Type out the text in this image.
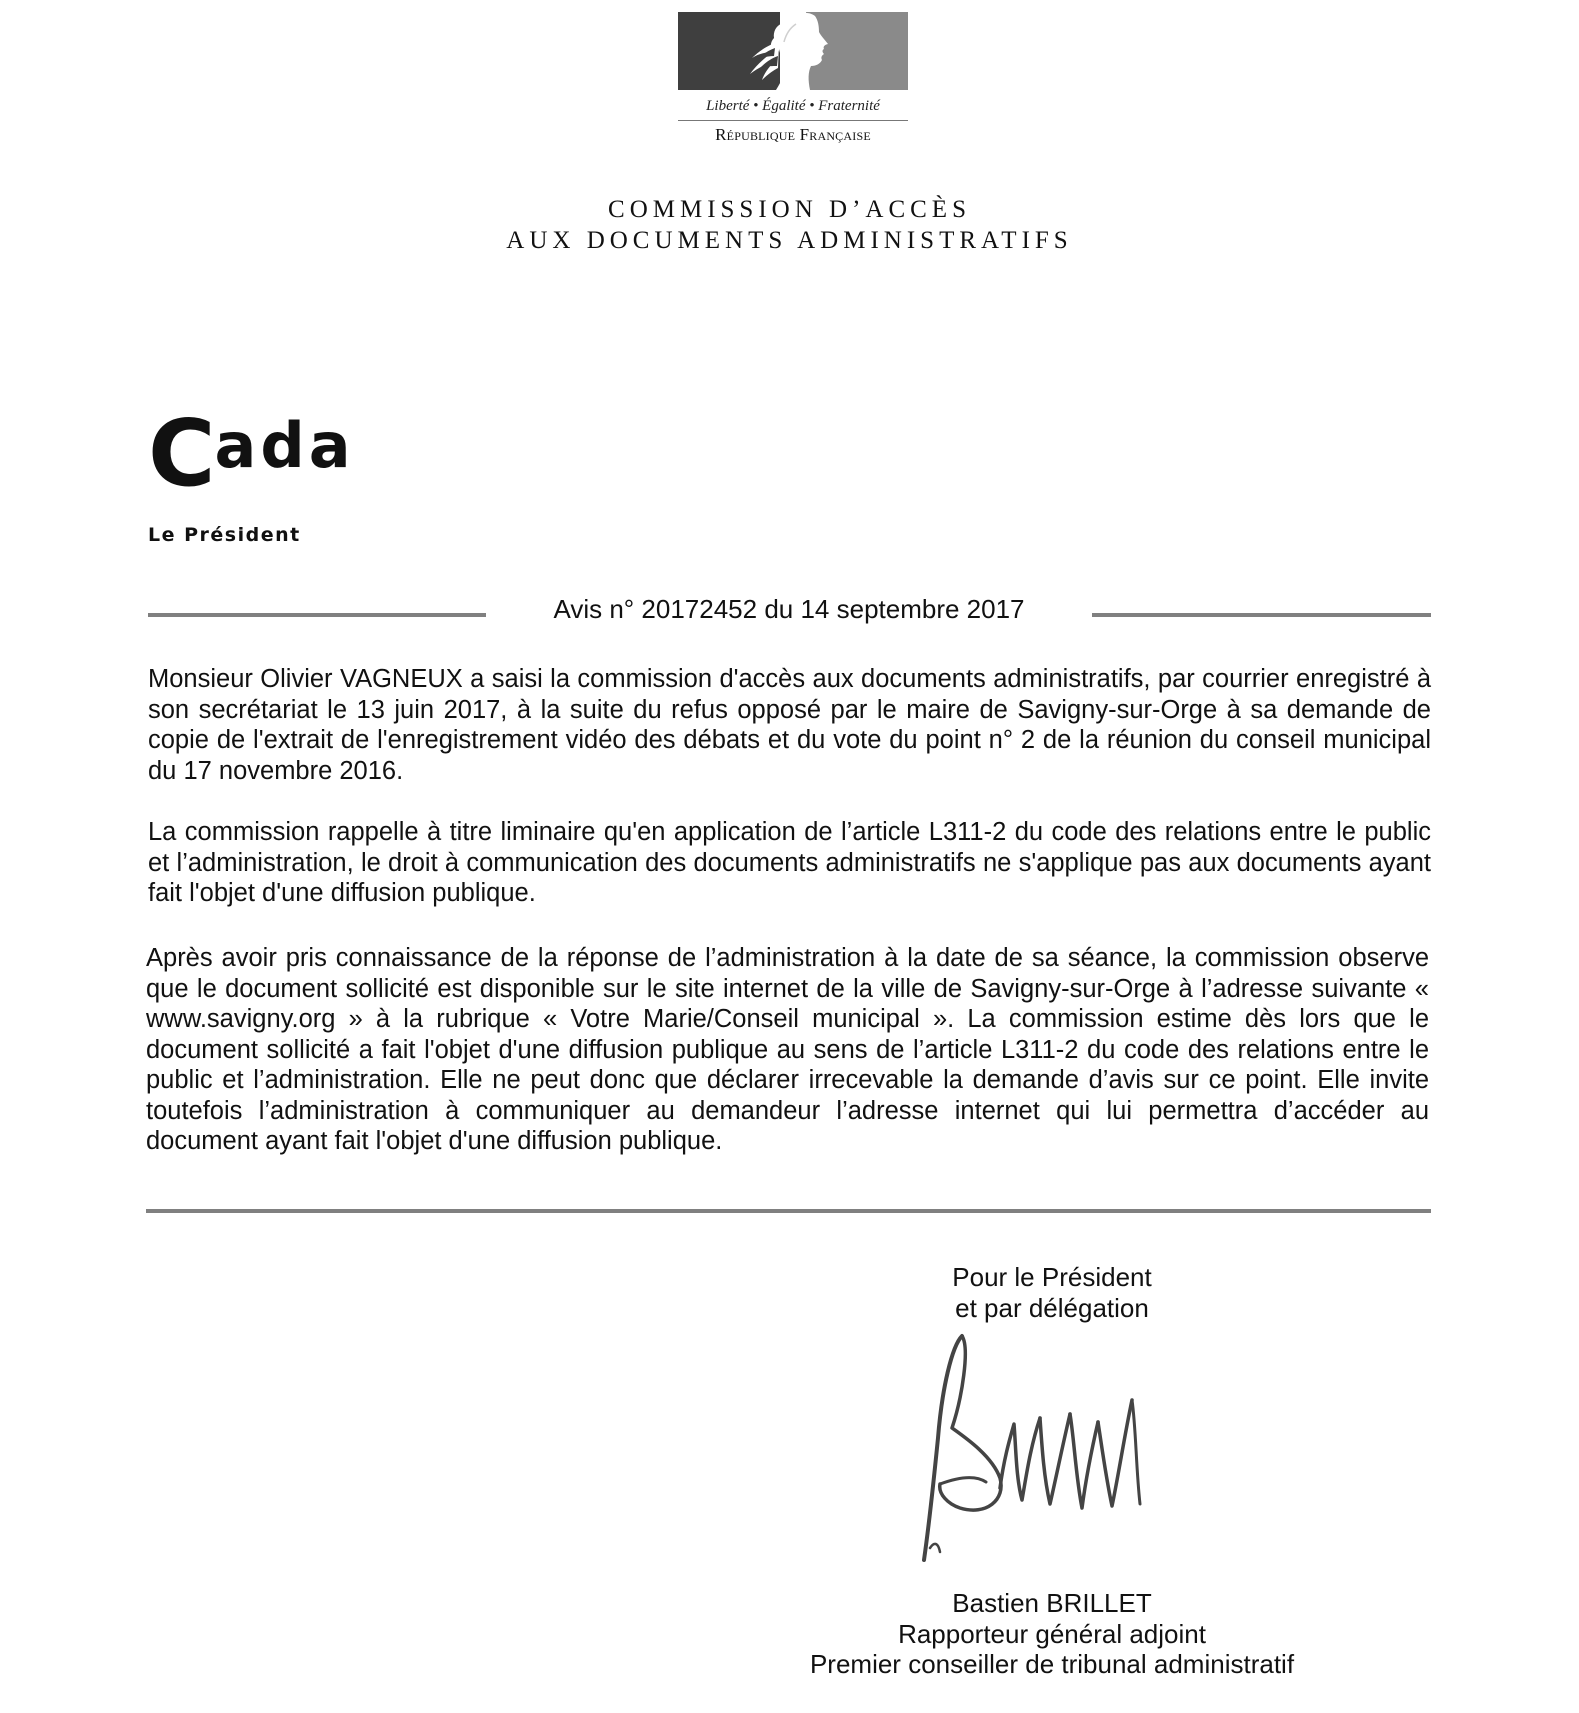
Liberté • Égalité • Fraternité
République Française
COMMISSION D’ACCÈS
AUX DOCUMENTS ADMINISTRATIFS
Cada
Le Président
Avis n° 20172452 du 14 septembre 2017
Monsieur Olivier VAGNEUX a saisi la commission d'accès aux documents administratifs, par courrier enregistré à son secrétariat le 13 juin 2017, à la suite du refus opposé par le maire de Savigny-sur-Orge à sa demande de copie de l'extrait de l'enregistrement vidéo des débats et du vote du point n° 2 de la réunion du conseil municipal du 17 novembre 2016.
La commission rappelle à titre liminaire qu'en application de l’article L311-2 du code des relations entre le public et l’administration, le droit à communication des documents administratifs ne s'applique pas aux documents ayant fait l'objet d'une diffusion publique.
Après avoir pris connaissance de la réponse de l’administration à la date de sa séance, la commission observe que le document sollicité est disponible sur le site internet de la ville de Savigny-sur-Orge à l’adresse suivante « www.savigny.org » à la rubrique « Votre Marie/Conseil municipal ». La commission estime dès lors que le document sollicité a fait l'objet d'une diffusion publique au sens de l’article L311-2 du code des relations entre le public et l’administration. Elle ne peut donc que déclarer irrecevable la demande d’avis sur ce point. Elle invite toutefois l’administration à communiquer au demandeur l’adresse internet qui lui permettra d’accéder au document ayant fait l'objet d'une diffusion publique.
Pour le Président
et par délégation
Bastien BRILLET
Rapporteur général adjoint
Premier conseiller de tribunal administratif
